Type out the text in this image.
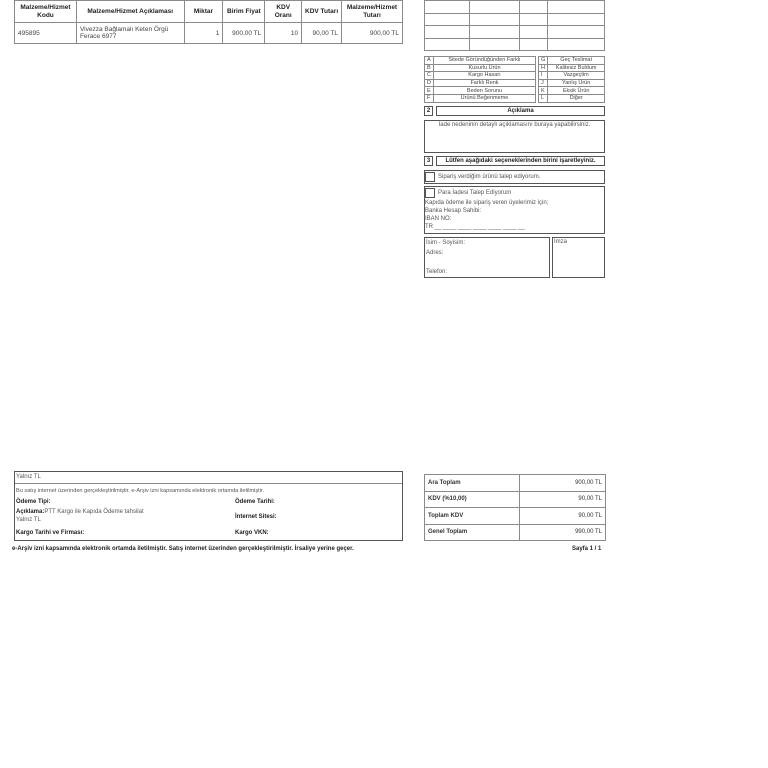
Malzeme/Hizmet Kodu	Malzeme/Hizmet Açıklaması	Miktar	Birim Fiyat	KDV Oranı	KDV Tutarı	Malzeme/Hizmet Tutarı
495895	Vivezza Bağlamalı Keten Örgü Ferace 6977	1	900,00 TL	10	90,00 TL	900,00 TL

A	Sitede Göründüğünden Farklı		G	Geç Teslimat
B	Kusurlu Ürün		H	Kalitesiz Buldum
C	Kargo Hasarı		I	Vazgeçtim
D	Farklı Renk		J	Yanlış Ürün
E	Beden Sorunu		K	Eksik Ürün
F	Ürünü Beğenmeme		L	Diğer
2	Açıklama
İade nedeninin detaylı açıklamasını buraya yapabilirsiniz.
3	Lütfen aşağıdaki seçeneklerinden birini işaretleyiniz.
Sipariş verdiğim ürünü talep ediyorum.
Para İadesi Talep Ediyorum
Kapıda ödeme ile sipariş veren üyelerimiz için;
Banka Hesap Sahibi:
IBAN NO:
TR __ ____ ____ ____ ____ ____ __
İsim - Soyisim:
Adres:
Telefon:
İmza
Yalnız TL
Bu satış internet üzerinden gerçekleştirilmiştir. e-Arşiv izni kapsamında elektronik ortamda iletilmiştir.
Ödeme Tipi:	Ödeme Tarihi:
Açıklama:PTT Kargo ile Kapıda Ödeme tahsilat
Yalnız TL	İnternet Sitesi:
Kargo Tarihi ve Firması:	Kargo VKN:
Ara Toplam	900,00 TL
KDV (%10,00)	90,00 TL
Toplam KDV	90,00 TL
Genel Toplam	990,00 TL
e-Arşiv izni kapsamında elektronik ortamda iletilmiştir. Satış internet üzerinden gerçekleştirilmiştir. İrsaliye yerine geçer.	Sayfa 1 / 1
